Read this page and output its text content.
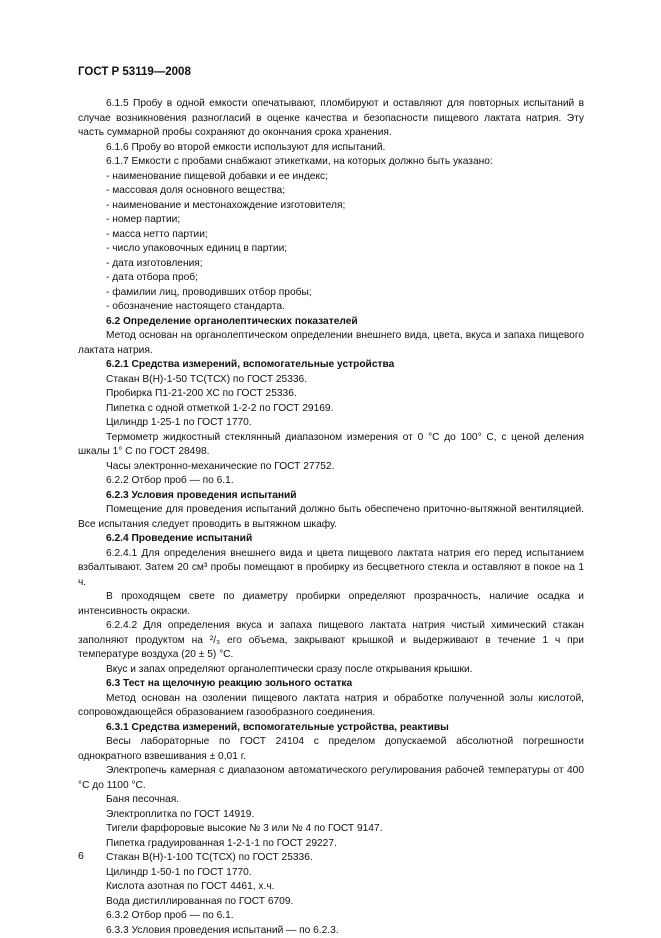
ГОСТ Р 53119—2008

6.1.5 Пробу в одной емкости опечатывают, пломбируют и оставляют для повторных испытаний в случае возникновения разногласий в оценке качества и безопасности пищевого лактата натрия. Эту часть суммарной пробы сохраняют до окончания срока хранения.

6.1.6 Пробу во второй емкости используют для испытаний.

6.1.7 Емкости с пробами снабжают этикетками, на которых должно быть указано:

- наименование пищевой добавки и ее индекс;

- массовая доля основного вещества;

- наименование и местонахождение изготовителя;

- номер партии;

- масса нетто партии;

- число упаковочных единиц в партии;

- дата изготовления;

- дата отбора проб;

- фамилии лиц, проводивших отбор пробы;

- обозначение настоящего стандарта.

6.2 Определение органолептических показателей

Метод основан на органолептическом определении внешнего вида, цвета, вкуса и запаха пищевого лактата натрия.

6.2.1 Средства измерений, вспомогательные устройства

Стакан В(Н)-1-50 ТС(ТСХ) по ГОСТ 25336.

Пробирка П1-21-200 ХС по ГОСТ 25336.

Пипетка с одной отметкой 1-2-2 по ГОСТ 29169.

Цилиндр 1-25-1 по ГОСТ 1770.

Термометр жидкостный стеклянный диапазоном измерения от 0 °С до 100° С, с ценой деления шкалы 1° С по ГОСТ 28498.

Часы электронно-механические по ГОСТ 27752.

6.2.2 Отбор проб — по 6.1.

6.2.3 Условия проведения испытаний

Помещение для проведения испытаний должно быть обеспечено приточно-вытяжной вентиляцией. Все испытания следует проводить в вытяжном шкафу.

6.2.4 Проведение испытаний

6.2.4.1 Для определения внешнего вида и цвета пищевого лактата натрия его перед испытанием взбалтывают. Затем 20 см³ пробы помещают в пробирку из бесцветного стекла и оставляют в покое на 1 ч.

В проходящем свете по диаметру пробирки определяют прозрачность, наличие осадка и интенсивность окраски.

6.2.4.2 Для определения вкуса и запаха пищевого лактата натрия чистый химический стакан заполняют продуктом на ²/₃ его объема, закрывают крышкой и выдерживают в течение 1 ч при температуре воздуха (20 ± 5) °С.

Вкус и запах определяют органолептически сразу после открывания крышки.

6.3 Тест на щелочную реакцию зольного остатка

Метод основан на озолении пищевого лактата натрия и обработке полученной золы кислотой, сопровождающейся образованием газообразного соединения.

6.3.1 Средства измерений, вспомогательные устройства, реактивы

Весы лабораторные по ГОСТ 24104 с пределом допускаемой абсолютной погрешности однократного взвешивания ± 0,01 г.

Электропечь камерная с диапазоном автоматического регулирования рабочей температуры от 400 °С до 1100 °С.

Баня песочная.

Электроплитка по ГОСТ 14919.

Тигели фарфоровые высокие № 3 или № 4 по ГОСТ 9147.

Пипетка градуированная 1-2-1-1 по ГОСТ 29227.

Стакан В(Н)-1-100 ТС(ТСХ) по ГОСТ 25336.

Цилиндр 1-50-1 по ГОСТ 1770.

Кислота азотная по ГОСТ 4461, х.ч.

Вода дистиллированная по ГОСТ 6709.

6.3.2 Отбор проб — по 6.1.

6.3.3 Условия проведения испытаний — по 6.2.3.

6
